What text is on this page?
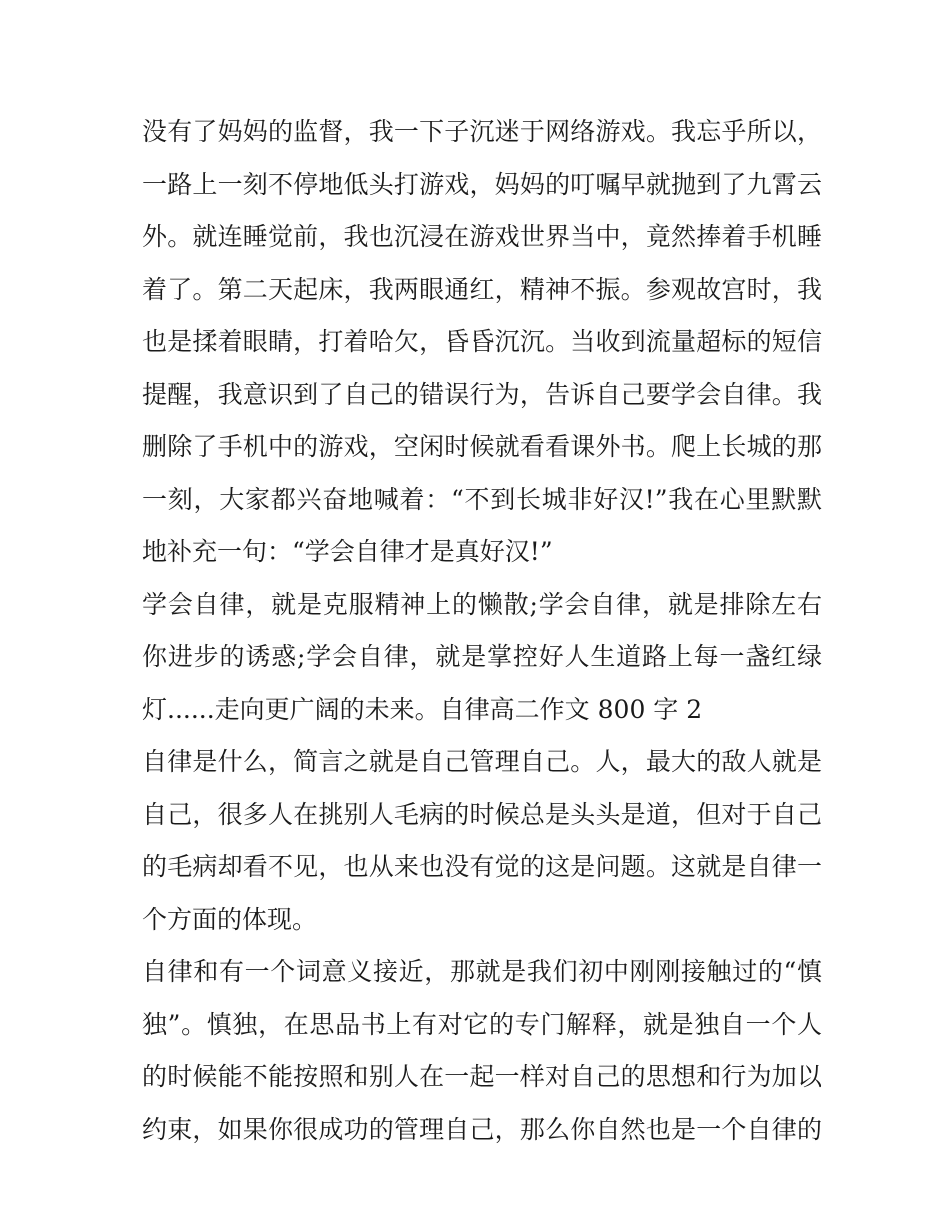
没有了妈妈的监督，我一下子沉迷于网络游戏。我忘乎所以，
一路上一刻不停地低头打游戏，妈妈的叮嘱早就抛到了九霄云
外。就连睡觉前，我也沉浸在游戏世界当中，竟然捧着手机睡
着了。第二天起床，我两眼通红，精神不振。参观故宫时，我
也是揉着眼睛，打着哈欠，昏昏沉沉。当收到流量超标的短信
提醒，我意识到了自己的错误行为，告诉自己要学会自律。我
删除了手机中的游戏，空闲时候就看看课外书。爬上长城的那
一刻，大家都兴奋地喊着：“不到长城非好汉!”我在心里默默
地补充一句：“学会自律才是真好汉!”
学会自律，就是克服精神上的懒散;学会自律，就是排除左右
你进步的诱惑;学会自律，就是掌控好人生道路上每一盏红绿
灯......走向更广阔的未来。自律高二作文 800 字 2
自律是什么，简言之就是自己管理自己。人，最大的敌人就是
自己，很多人在挑别人毛病的时候总是头头是道，但对于自己
的毛病却看不见，也从来也没有觉的这是问题。这就是自律一
个方面的体现。
自律和有一个词意义接近，那就是我们初中刚刚接触过的“慎
独”。慎独，在思品书上有对它的专门解释，就是独自一个人
的时候能不能按照和别人在一起一样对自己的思想和行为加以
约束，如果你很成功的管理自己，那么你自然也是一个自律的
